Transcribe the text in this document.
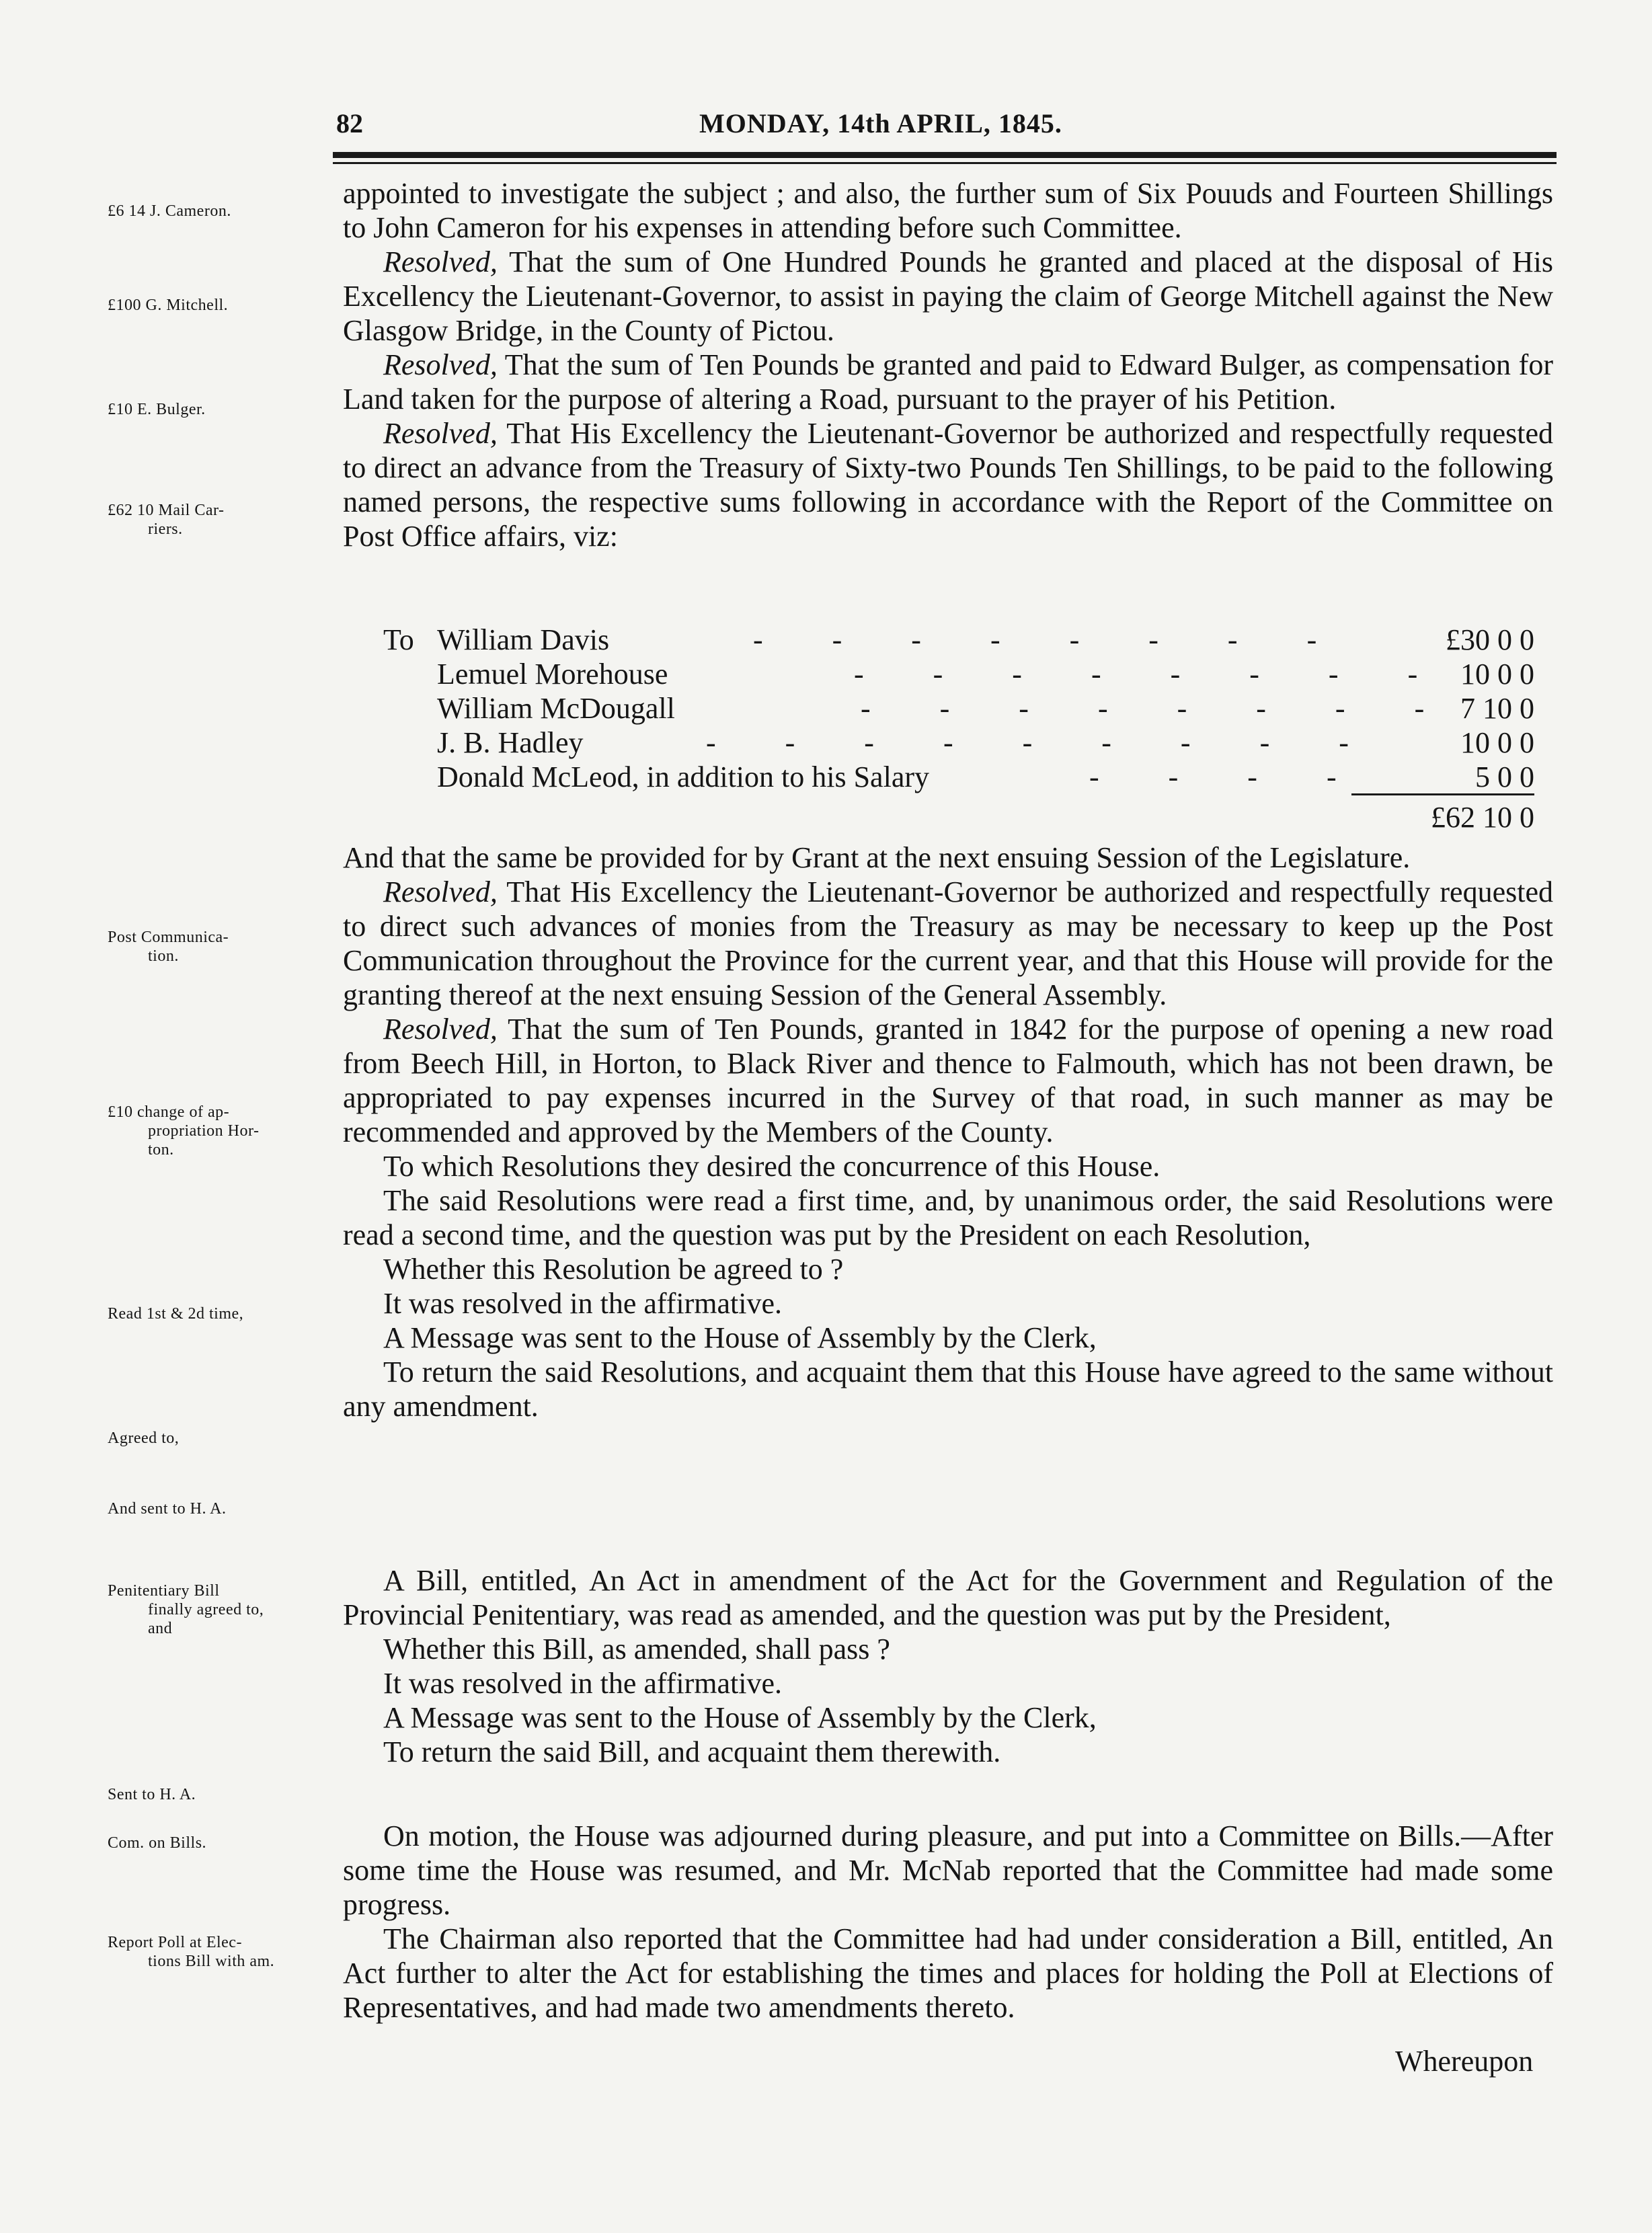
82	MONDAY, 14th APRIL, 1845.
£6 14 J. Cameron.
£100 G. Mitchell.
£10 E. Bulger.
£62 10 Mail Car-
riers.
Post Communica-
tion.
£10 change of ap-
propriation Hor-
ton.
Read 1st & 2d time,
Agreed to,
And sent to H. A.
Penitentiary Bill
finally agreed to,
and
Sent to H. A.
Com. on Bills.
Report Poll at Elec-
tions Bill with am.
appointed to investigate the subject ; and also, the further sum of Six Pouuds and Fourteen Shillings to John Cameron for his expenses in attending before such Committee.
Resolved, That the sum of One Hundred Pounds he granted and placed at the disposal of His Excellency the Lieutenant-Governor, to assist in paying the claim of George Mitchell against the New Glasgow Bridge, in the County of Pictou.
Resolved, That the sum of Ten Pounds be granted and paid to Edward Bulger, as compensation for Land taken for the purpose of altering a Road, pursuant to the prayer of his Petition.
Resolved, That His Excellency the Lieutenant-Governor be authorized and respectfully requested to direct an advance from the Treasury of Sixty-two Pounds Ten Shillings, to be paid to the following named persons, the respective sums following in accordance with the Report of the Committee on Post Office affairs, viz:
To William Davis	- - - - - - - -	£30 0 0
Lemuel Morehouse	- - - - - - - - 10 0 0
William McDougall	- - - - - - - - 7 10 0
J. B. Hadley	- - - - - - - - -	10 0 0
Donald McLeod, in addition to his Salary	- - - -	5 0 0
£62 10 0
And that the same be provided for by Grant at the next ensuing Session of the Legislature.
Resolved, That His Excellency the Lieutenant-Governor be authorized and respectfully requested to direct such advances of monies from the Treasury as may be necessary to keep up the Post Communication throughout the Province for the current year, and that this House will provide for the granting thereof at the next ensuing Session of the General Assembly.
Resolved, That the sum of Ten Pounds, granted in 1842 for the purpose of opening a new road from Beech Hill, in Horton, to Black River and thence to Falmouth, which has not been drawn, be appropriated to pay expenses incurred in the Survey of that road, in such manner as may be recommended and approved by the Members of the County.
To which Resolutions they desired the concurrence of this House.
The said Resolutions were read a first time, and, by unanimous order, the said Resolutions were read a second time, and the question was put by the President on each Resolution,
Whether this Resolution be agreed to ?
It was resolved in the affirmative.
A Message was sent to the House of Assembly by the Clerk,
To return the said Resolutions, and acquaint them that this House have agreed to the same without any amendment.
A Bill, entitled, An Act in amendment of the Act for the Government and Regulation of the Provincial Penitentiary, was read as amended, and the question was put by the President,
Whether this Bill, as amended, shall pass ?
It was resolved in the affirmative.
A Message was sent to the House of Assembly by the Clerk,
To return the said Bill, and acquaint them therewith.
On motion, the House was adjourned during pleasure, and put into a Committee on Bills.—After some time the House was resumed, and Mr. McNab reported that the Committee had made some progress.
The Chairman also reported that the Committee had had under consideration a Bill, entitled, An Act further to alter the Act for establishing the times and places for holding the Poll at Elections of Representatives, and had made two amendments thereto.
Whereupon
